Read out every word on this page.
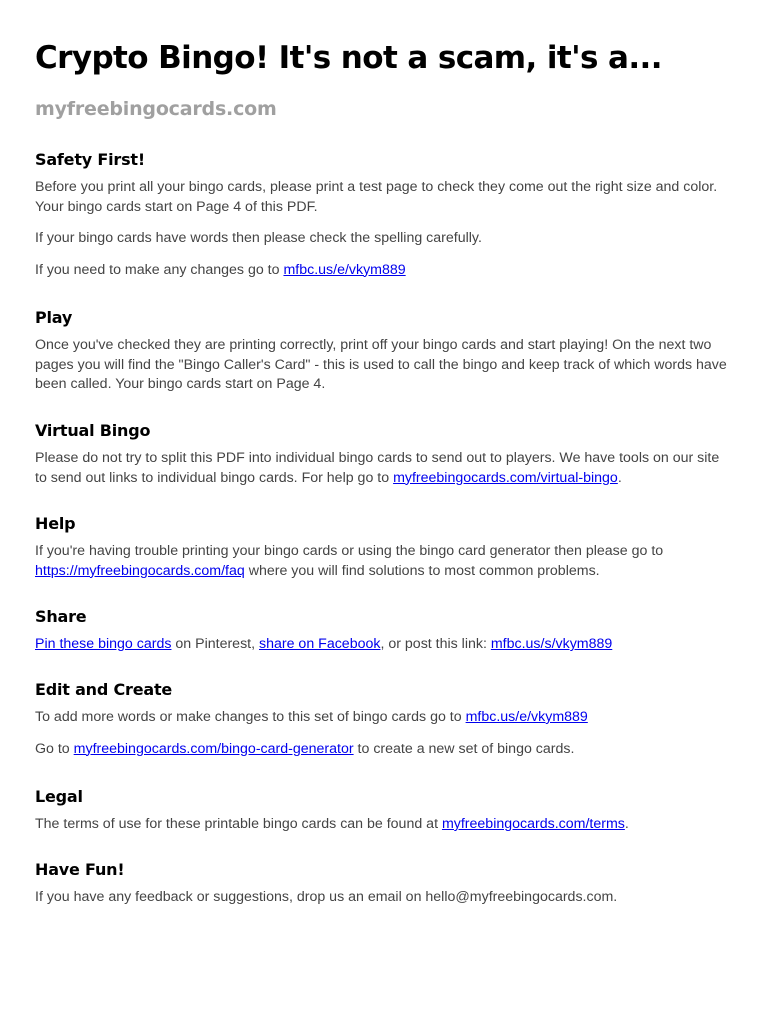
Crypto Bingo! It's not a scam, it's a...
myfreebingocards.com
Safety First!

Before you print all your bingo cards, please print a test page to check they come out the right size and color. Your bingo cards start on Page 4 of this PDF.

If your bingo cards have words then please check the spelling carefully.

If you need to make any changes go to mfbc.us/e/vkym889

Play

Once you've checked they are printing correctly, print off your bingo cards and start playing! On the next two pages you will find the "Bingo Caller's Card" - this is used to call the bingo and keep track of which words have been called. Your bingo cards start on Page 4.

Virtual Bingo

Please do not try to split this PDF into individual bingo cards to send out to players. We have tools on our site to send out links to individual bingo cards. For help go to myfreebingocards.com/virtual-bingo.

Help

If you're having trouble printing your bingo cards or using the bingo card generator then please go to https://myfreebingocards.com/faq where you will find solutions to most common problems.

Share

Pin these bingo cards on Pinterest, share on Facebook, or post this link: mfbc.us/s/vkym889

Edit and Create

To add more words or make changes to this set of bingo cards go to mfbc.us/e/vkym889

Go to myfreebingocards.com/bingo-card-generator to create a new set of bingo cards.

Legal

The terms of use for these printable bingo cards can be found at myfreebingocards.com/terms.

Have Fun!

If you have any feedback or suggestions, drop us an email on hello@myfreebingocards.com.
